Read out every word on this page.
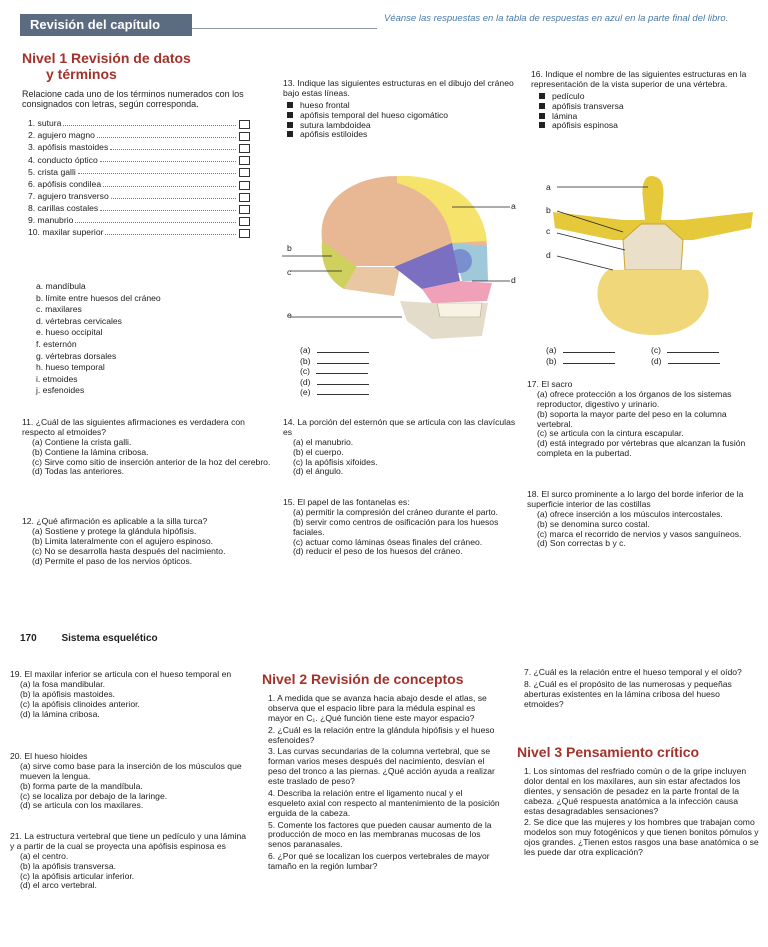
Revisión del capítulo	Véanse las respuestas en la tabla de respuestas en azul en la parte final del libro.
Nivel 1 Revisión de datos
y términos
Relacione cada uno de los términos numerados con los consignados con letras, según corresponda.
1. sutura
2. agujero magno
3. apófisis mastoides
4. conducto óptico
5. crista galli
6. apófisis condilea
7. agujero transverso
8. carillas costales
9. manubrio
10. maxilar superior
a. mandíbula
b. límite entre huesos del cráneo
c. maxilares
d. vértebras cervicales
e. hueso occipital
f. esternón
g. vértebras dorsales
h. hueso temporal
i. etmoides
j. esfenoides
11. ¿Cuál de las siguientes afirmaciones es verdadera con respecto al etmoides?
(a) Contiene la crista galli.
(b) Contiene la lámina cribosa.
(c) Sirve como sitio de inserción anterior de la hoz del cerebro.
(d) Todas las anteriores.
12. ¿Qué afirmación es aplicable a la silla turca?
(a) Sostiene y protege la glándula hipófisis.
(b) Limita lateralmente con el agujero espinoso.
(c) No se desarrolla hasta después del nacimiento.
(d) Permite el paso de los nervios ópticos.
13. Indique las siguientes estructuras en el dibujo del cráneo bajo estas líneas.
hueso frontal
apófisis temporal del hueso cigomático
sutura lambdoidea
apófisis estiloides
b
c
e
a
d
(a)
(b)
(c)
(d)
(e)
14. La porción del esternón que se articula con las clavículas es
(a) el manubrio.
(b) el cuerpo.
(c) la apófisis xifoides.
(d) el ángulo.
15. El papel de las fontanelas es:
(a) permitir la compresión del cráneo durante el parto.
(b) servir como centros de osificación para los huesos faciales.
(c) actuar como láminas óseas finales del cráneo.
(d) reducir el peso de los huesos del cráneo.
16. Indique el nombre de las siguientes estructuras en la representación de la vista superior de una vértebra.
pedículo
apófisis transversa
lámina
apófisis espinosa
a
b
c
d
(a)	(c)
(b)	(d)
17. El sacro
(a) ofrece protección a los órganos de los sistemas reproductor, digestivo y urinario.
(b) soporta la mayor parte del peso en la columna vertebral.
(c) se articula con la cintura escapular.
(d) está integrado por vértebras que alcanzan la fusión completa en la pubertad.
18. El surco prominente a lo largo del borde inferior de la superficie interior de las costillas
(a) ofrece inserción a los músculos intercostales.
(b) se denomina surco costal.
(c) marca el recorrido de nervios y vasos sanguíneos.
(d) Son correctas b y c.
170 Sistema esquelético
19. El maxilar inferior se articula con el hueso temporal en
(a) la fosa mandibular.
(b) la apófisis mastoides.
(c) la apófisis clinoides anterior.
(d) la lámina cribosa.
20. El hueso hioides
(a) sirve como base para la inserción de los músculos que mueven la lengua.
(b) forma parte de la mandíbula.
(c) se localiza por debajo de la laringe.
(d) se articula con los maxilares.
21. La estructura vertebral que tiene un pedículo y una lámina y a partir de la cual se proyecta una apófisis espinosa es
(a) el centro.
(b) la apófisis transversa.
(c) la apófisis articular inferior.
(d) el arco vertebral.
Nivel 2 Revisión de conceptos
1. A medida que se avanza hacia abajo desde el atlas, se observa que el espacio libre para la médula espinal es mayor en C₁. ¿Qué función tiene este mayor espacio?
2. ¿Cuál es la relación entre la glándula hipófisis y el hueso esfenoides?
3. Las curvas secundarias de la columna vertebral, que se forman varios meses después del nacimiento, desvían el peso del tronco a las piernas. ¿Qué acción ayuda a realizar este traslado de peso?
4. Describa la relación entre el ligamento nucal y el esqueleto axial con respecto al mantenimiento de la posición erguida de la cabeza.
5. Comente los factores que pueden causar aumento de la producción de moco en las membranas mucosas de los senos paranasales.
6. ¿Por qué se localizan los cuerpos vertebrales de mayor tamaño en la región lumbar?
7. ¿Cuál es la relación entre el hueso temporal y el oído?
8. ¿Cuál es el propósito de las numerosas y pequeñas aberturas existentes en la lámina cribosa del hueso etmoides?
Nivel 3 Pensamiento crítico
1. Los síntomas del resfriado común o de la gripe incluyen dolor dental en los maxilares, aun sin estar afectados los dientes, y sensación de pesadez en la parte frontal de la cabeza. ¿Qué respuesta anatómica a la infección causa estas desagradables sensaciones?
2. Se dice que las mujeres y los hombres que trabajan como modelos son muy fotogénicos y que tienen bonitos pómulos y ojos grandes. ¿Tienen estos rasgos una base anatómica o se les puede dar otra explicación?
